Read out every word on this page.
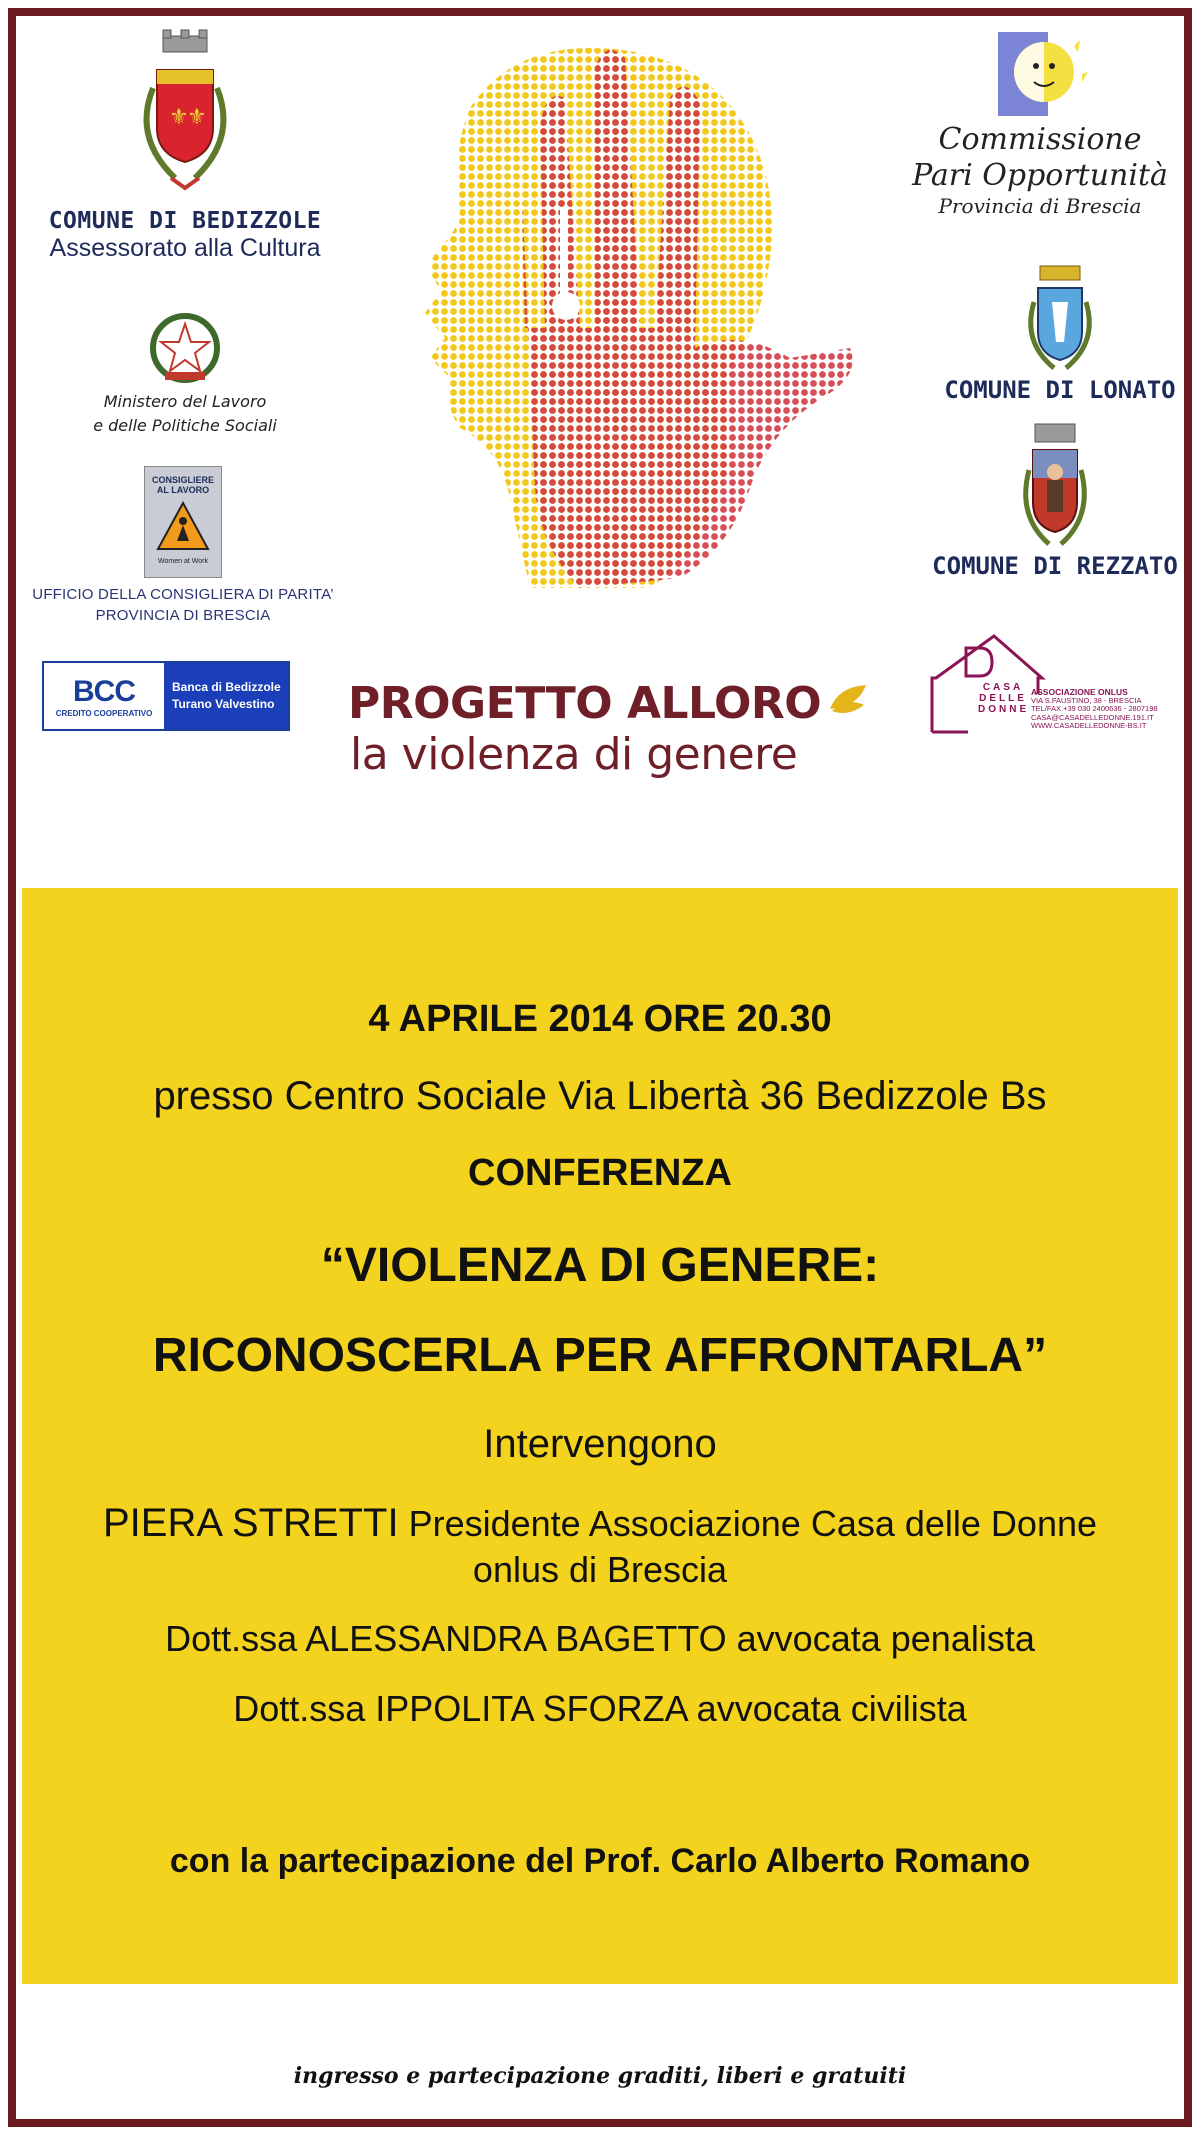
⚜
⚜
COMUNE DI BEDIZZOLE
Assessorato alla Cultura
Ministero del Lavoro
e delle Politiche Sociali
CONSIGLIERE
AL LAVORO
Women at Work
UFFICIO DELLA CONSIGLIERA DI PARITA’
PROVINCIA DI BRESCIA
BCC
CREDITO COOPERATIVO
Banca di Bedizzole
Turano Valvestino	PROGETTO ALLORO
la violenza di genere
Commissione
Pari Opportunità
Provincia di Brescia
COMUNE DI LONATO
COMUNE DI REZZATO
CASA DELLE DONNE
ASSOCIAZIONE ONLUS
VIA S.FAUSTINO, 38 - BRESCIA
TEL/FAX +39 030 2400636 - 2807198
CASA@CASADELLEDONNE.191.IT
WWW.CASADELLEDONNE-BS.IT
4 APRILE 2014 ORE 20.30
presso Centro Sociale Via Libertà 36 Bedizzole Bs
CONFERENZA
“VIOLENZA DI GENERE:
RICONOSCERLA PER AFFRONTARLA”
Intervengono
PIERA STRETTI Presidente Associazione Casa delle Donne
onlus di Brescia
Dott.ssa ALESSANDRA BAGETTO avvocata penalista
Dott.ssa IPPOLITA SFORZA avvocata civilista
con la partecipazione del Prof. Carlo Alberto Romano
ingresso e partecipazione graditi, liberi e gratuiti
